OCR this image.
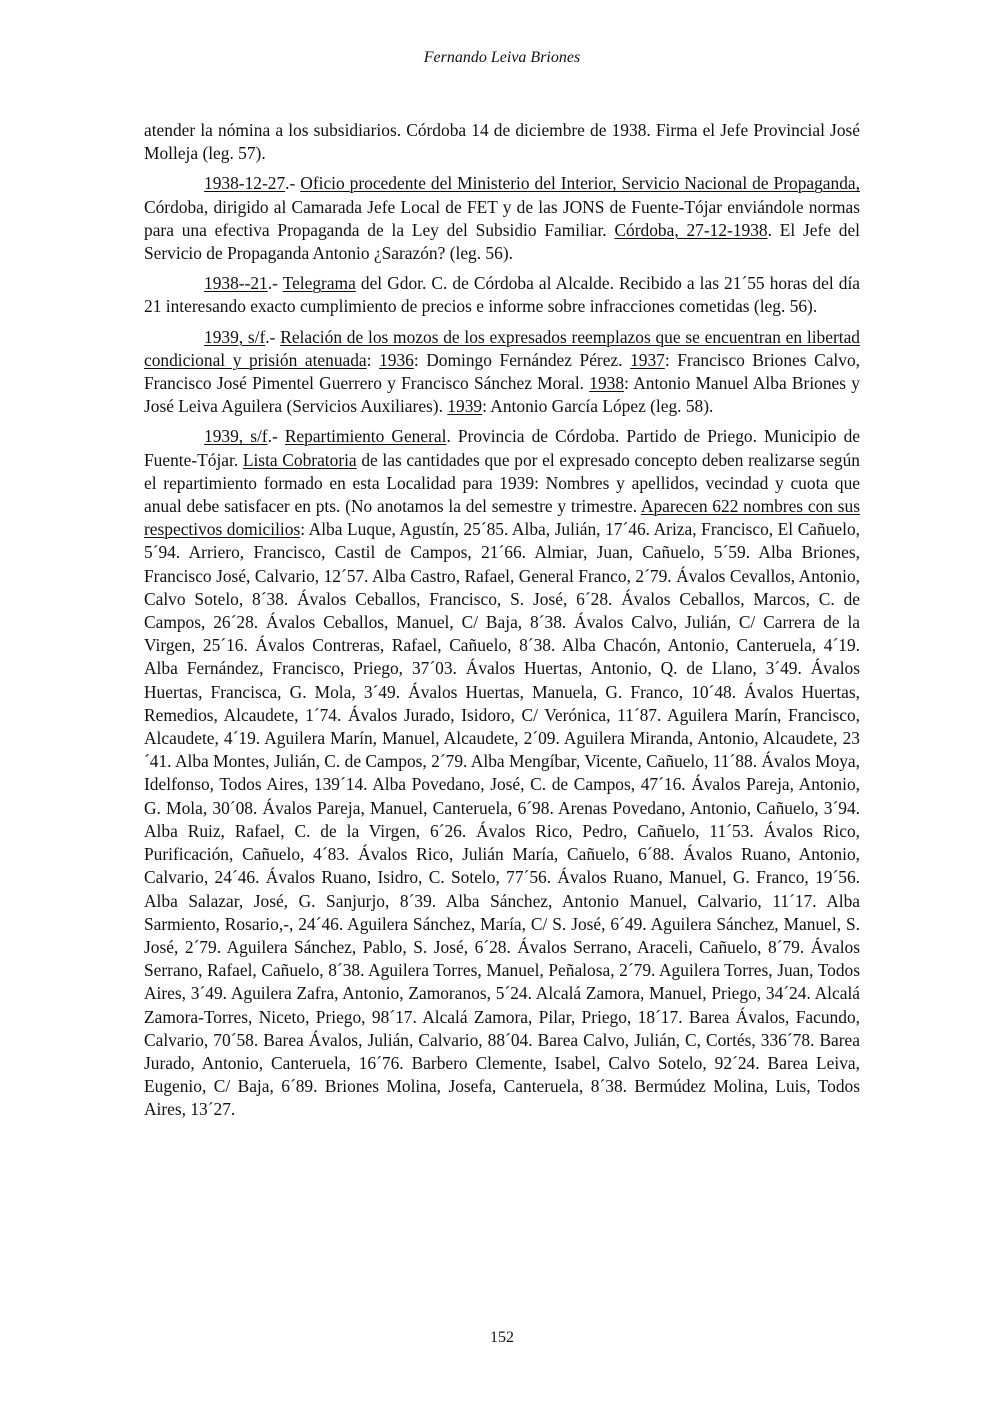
Fernando Leiva Briones

atender la nómina a los subsidiarios. Córdoba 14 de diciembre de 1938. Firma el Jefe Provincial José Molleja (leg. 57).

1938-12-27.- Oficio procedente del Ministerio del Interior, Servicio Nacional de Propaganda, Córdoba, dirigido al Camarada Jefe Local de FET y de las JONS de Fuente-Tójar enviándole normas para una efectiva Propaganda de la Ley del Subsidio Familiar. Córdoba, 27-12-1938. El Jefe del Servicio de Propaganda Antonio ¿Sarazón? (leg. 56).

1938--21.- Telegrama del Gdor. C. de Córdoba al Alcalde. Recibido a las 21´55 horas del día 21 interesando exacto cumplimiento de precios e informe sobre infracciones cometidas (leg. 56).

1939, s/f.- Relación de los mozos de los expresados reemplazos que se encuentran en libertad condicional y prisión atenuada: 1936: Domingo Fernández Pérez. 1937: Francisco Briones Calvo, Francisco José Pimentel Guerrero y Francisco Sánchez Moral. 1938: Antonio Manuel Alba Briones y José Leiva Aguilera (Servicios Auxiliares). 1939: Antonio García López (leg. 58).

1939, s/f.- Repartimiento General. Provincia de Córdoba. Partido de Priego. Municipio de Fuente-Tójar. Lista Cobratoria de las cantidades que por el expresado concepto deben realizarse según el repartimiento formado en esta Localidad para 1939: Nombres y apellidos, vecindad y cuota que anual debe satisfacer en pts. (No anotamos la del semestre y trimestre. Aparecen 622 nombres con sus respectivos domicilios: Alba Luque, Agustín, 25´85. Alba, Julián, 17´46. Ariza, Francisco, El Cañuelo, 5´94. Arriero, Francisco, Castil de Campos, 21´66. Almiar, Juan, Cañuelo, 5´59. Alba Briones, Francisco José, Calvario, 12´57. Alba Castro, Rafael, General Franco, 2´79. Ávalos Cevallos, Antonio, Calvo Sotelo, 8´38. Ávalos Ceballos, Francisco, S. José, 6´28. Ávalos Ceballos, Marcos, C. de Campos, 26´28. Ávalos Ceballos, Manuel, C/ Baja, 8´38. Ávalos Calvo, Julián, C/ Carrera de la Virgen, 25´16. Ávalos Contreras, Rafael, Cañuelo, 8´38. Alba Chacón, Antonio, Canteruela, 4´19. Alba Fernández, Francisco, Priego, 37´03. Ávalos Huertas, Antonio, Q. de Llano, 3´49. Ávalos Huertas, Francisca, G. Mola, 3´49. Ávalos Huertas, Manuela, G. Franco, 10´48. Ávalos Huertas, Remedios, Alcaudete, 1´74. Ávalos Jurado, Isidoro, C/ Verónica, 11´87. Aguilera Marín, Francisco, Alcaudete, 4´19. Aguilera Marín, Manuel, Alcaudete, 2´09. Aguilera Miranda, Antonio, Alcaudete, 23´41. Alba Montes, Julián, C. de Campos, 2´79. Alba Mengíbar, Vicente, Cañuelo, 11´88. Ávalos Moya, Idelfonso, Todos Aires, 139´14. Alba Povedano, José, C. de Campos, 47´16. Ávalos Pareja, Antonio, G. Mola, 30´08. Ávalos Pareja, Manuel, Canteruela, 6´98. Arenas Povedano, Antonio, Cañuelo, 3´94. Alba Ruiz, Rafael, C. de la Virgen, 6´26. Ávalos Rico, Pedro, Cañuelo, 11´53. Ávalos Rico, Purificación, Cañuelo, 4´83. Ávalos Rico, Julián María, Cañuelo, 6´88. Ávalos Ruano, Antonio, Calvario, 24´46. Ávalos Ruano, Isidro, C. Sotelo, 77´56. Ávalos Ruano, Manuel, G. Franco, 19´56. Alba Salazar, José, G. Sanjurjo, 8´39. Alba Sánchez, Antonio Manuel, Calvario, 11´17. Alba Sarmiento, Rosario,-, 24´46. Aguilera Sánchez, María, C/ S. José, 6´49. Aguilera Sánchez, Manuel, S. José, 2´79. Aguilera Sánchez, Pablo, S. José, 6´28. Ávalos Serrano, Araceli, Cañuelo, 8´79. Ávalos Serrano, Rafael, Cañuelo, 8´38. Aguilera Torres, Manuel, Peñalosa, 2´79. Aguilera Torres, Juan, Todos Aires, 3´49. Aguilera Zafra, Antonio, Zamoranos, 5´24. Alcalá Zamora, Manuel, Priego, 34´24. Alcalá Zamora-Torres, Niceto, Priego, 98´17. Alcalá Zamora, Pilar, Priego, 18´17. Barea Ávalos, Facundo, Calvario, 70´58. Barea Ávalos, Julián, Calvario, 88´04. Barea Calvo, Julián, C, Cortés, 336´78. Barea Jurado, Antonio, Canteruela, 16´76. Barbero Clemente, Isabel, Calvo Sotelo, 92´24. Barea Leiva, Eugenio, C/ Baja, 6´89. Briones Molina, Josefa, Canteruela, 8´38. Bermúdez Molina, Luis, Todos Aires, 13´27.

152
